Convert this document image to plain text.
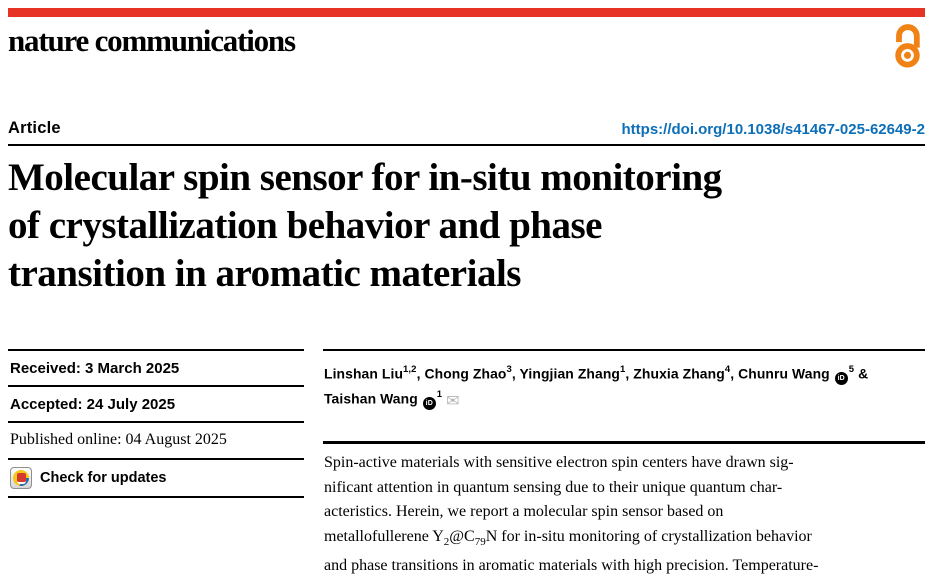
nature communications
Article	https://doi.org/10.1038/s41467-025-62649-2
Molecular spin sensor for in-situ monitoring
of crystallization behavior and phase
transition in aromatic materials
Received: 3 March 2025
Accepted: 24 July 2025
Published online: 04 August 2025
Check for updates
Linshan Liu$^{1,2}$, Chong Zhao$^3$, Yingjian Zhang$^1$, Zhuxia Zhang$^4$, Chunru Wang $iD^5$ &
Taishan Wang $iD^1$ ✉

Spin-active materials with sensitive electron spin centers have drawn sig-
nificant attention in quantum sensing due to their unique quantum char-
acteristics. Herein, we report a molecular spin sensor based on
metallofullerene $Y_2@C_{79}N$ for in-situ monitoring of crystallization behavior
and phase transitions in aromatic materials with high precision. Temperature-
